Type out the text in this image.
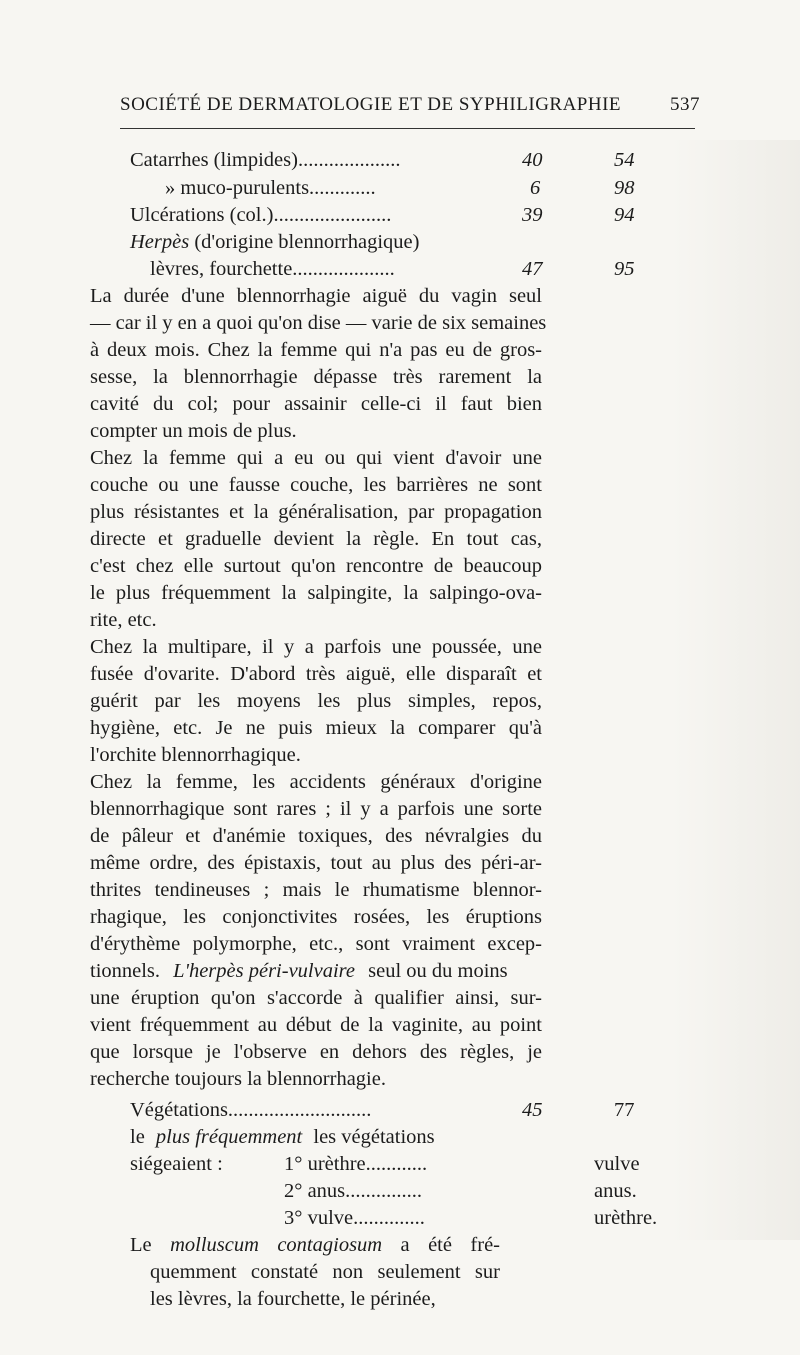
SOCIÉTÉ DE DERMATOLOGIE ET DE SYPHILIGRAPHIE	537
Catarrhes (limpides)....................	40	54
» muco-purulents.............	6	98
Ulcérations (col.).......................	39	94
Herpès (d'origine blennorrhagique)
lèvres, fourchette....................	47	95
La durée d'une blennorrhagie aiguë du vagin seul
— car il y en a quoi qu'on dise — varie de six semaines
à deux mois. Chez la femme qui n'a pas eu de gros-
sesse, la blennorrhagie dépasse très rarement la
cavité du col; pour assainir celle-ci il faut bien
compter un mois de plus.
Chez la femme qui a eu ou qui vient d'avoir une
couche ou une fausse couche, les barrières ne sont
plus résistantes et la généralisation, par propagation
directe et graduelle devient la règle. En tout cas,
c'est chez elle surtout qu'on rencontre de beaucoup
le plus fréquemment la salpingite, la salpingo-ova-
rite, etc.
Chez la multipare, il y a parfois une poussée, une
fusée d'ovarite. D'abord très aiguë, elle disparaît et
guérit par les moyens les plus simples, repos,
hygiène, etc. Je ne puis mieux la comparer qu'à
l'orchite blennorrhagique.
Chez la femme, les accidents généraux d'origine
blennorrhagique sont rares ; il y a parfois une sorte
de pâleur et d'anémie toxiques, des névralgies du
même ordre, des épistaxis, tout au plus des péri-ar-
thrites tendineuses ; mais le rhumatisme blennor-
rhagique, les conjonctivites rosées, les éruptions
d'érythème polymorphe, etc., sont vraiment excep-
tionnels. L'herpès péri-vulvaire seul ou du moins
une éruption qu'on s'accorde à qualifier ainsi, sur-
vient fréquemment au début de la vaginite, au point
que lorsque je l'observe en dehors des règles, je
recherche toujours la blennorrhagie.
Végétations............................	45	77
le plus fréquemment les végétations
siégeaient :	1° urèthre............	vulve
2° anus...............	anus.
3° vulve..............	urèthre.
Le molluscum contagiosum a été fré-
quemment constaté non seulement sur
les lèvres, la fourchette, le périnée,
